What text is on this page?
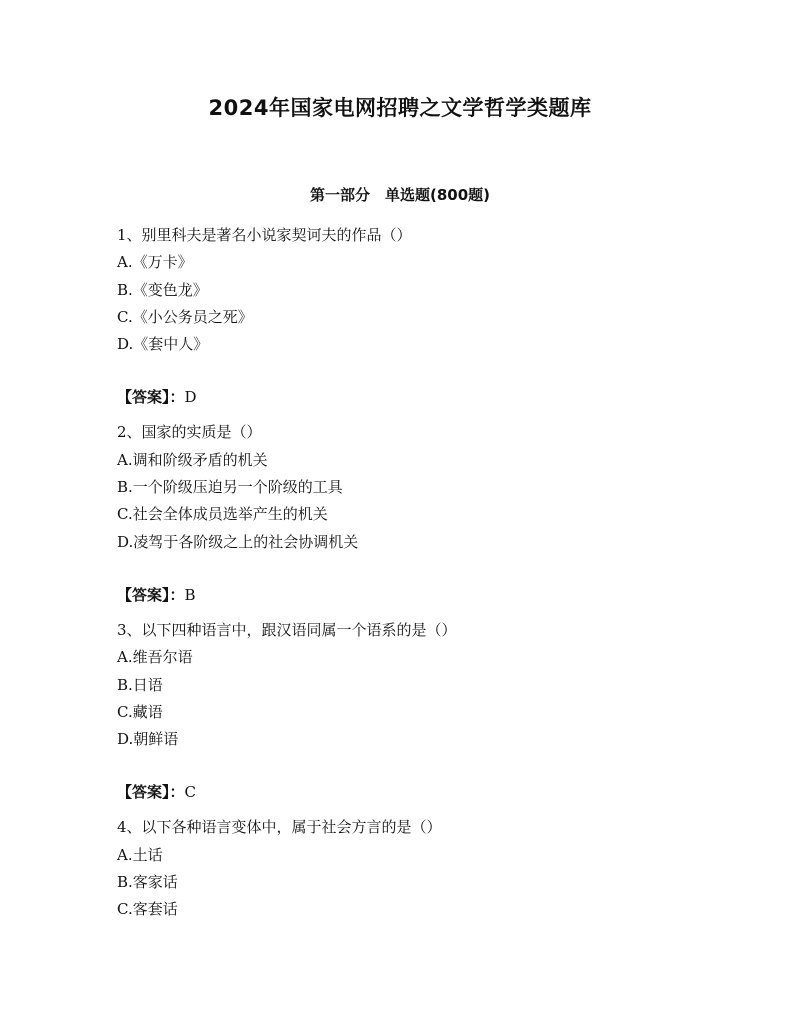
2024年国家电网招聘之文学哲学类题库
第一部分　单选题(800题)
1、别里科夫是著名小说家契诃夫的作品（）
A.《万卡》
B.《变色龙》
C.《小公务员之死》
D.《套中人》
【答案】：D
2、国家的实质是（）
A.调和阶级矛盾的机关
B.一个阶级压迫另一个阶级的工具
C.社会全体成员选举产生的机关
D.凌驾于各阶级之上的社会协调机关
【答案】：B
3、以下四种语言中，跟汉语同属一个语系的是（）
A.维吾尔语
B.日语
C.藏语
D.朝鲜语
【答案】：C
4、以下各种语言变体中，属于社会方言的是（）
A.土话
B.客家话
C.客套话
